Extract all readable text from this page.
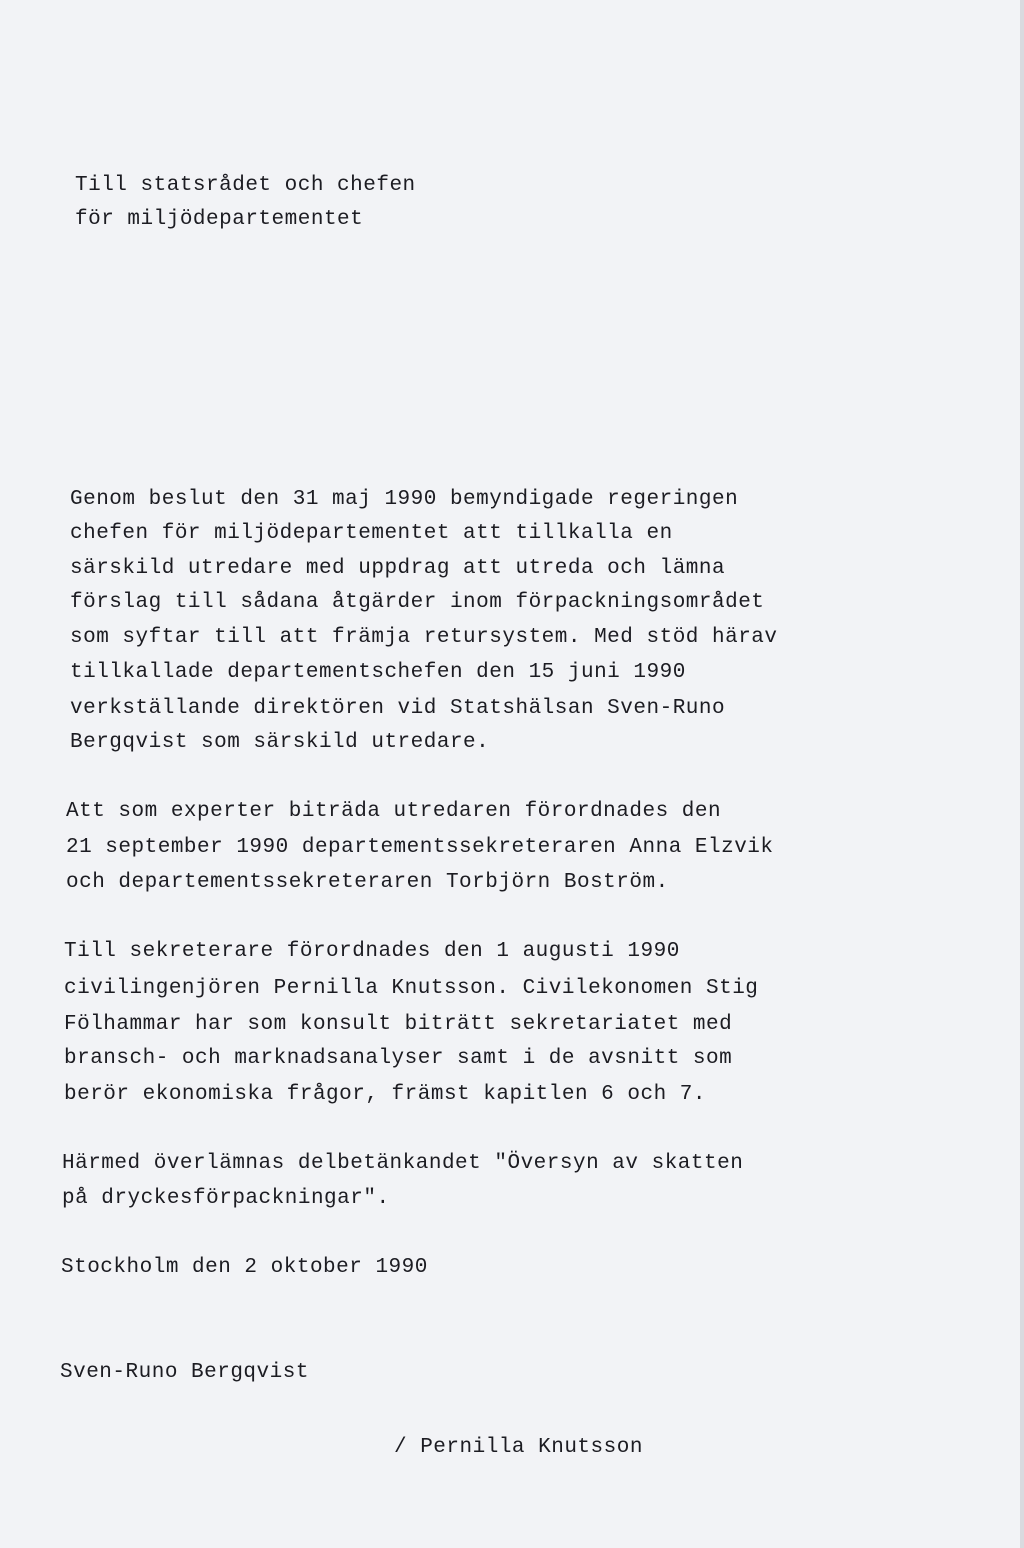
Till statsrådet och chefen

för miljödepartementet

Genom beslut den 31 maj 1990 bemyndigade regeringen

chefen för miljödepartementet att tillkalla en

särskild utredare med uppdrag att utreda och lämna

förslag till sådana åtgärder inom förpackningsområdet

som syftar till att främja retursystem. Med stöd härav

tillkallade departementschefen den 15 juni 1990

verkställande direktören vid Statshälsan Sven-Runo

Bergqvist som särskild utredare.

Att som experter biträda utredaren förordnades den

21 september 1990 departementssekreteraren Anna Elzvik

och departementssekreteraren Torbjörn Boström.

Till sekreterare förordnades den 1 augusti 1990

civilingenjören Pernilla Knutsson. Civilekonomen Stig

Fölhammar har som konsult biträtt sekretariatet med

bransch- och marknadsanalyser samt i de avsnitt som

berör ekonomiska frågor, främst kapitlen 6 och 7.

Härmed överlämnas delbetänkandet "Översyn av skatten

på dryckesförpackningar".

Stockholm den 2 oktober 1990

Sven-Runo Bergqvist

/ Pernilla Knutsson
